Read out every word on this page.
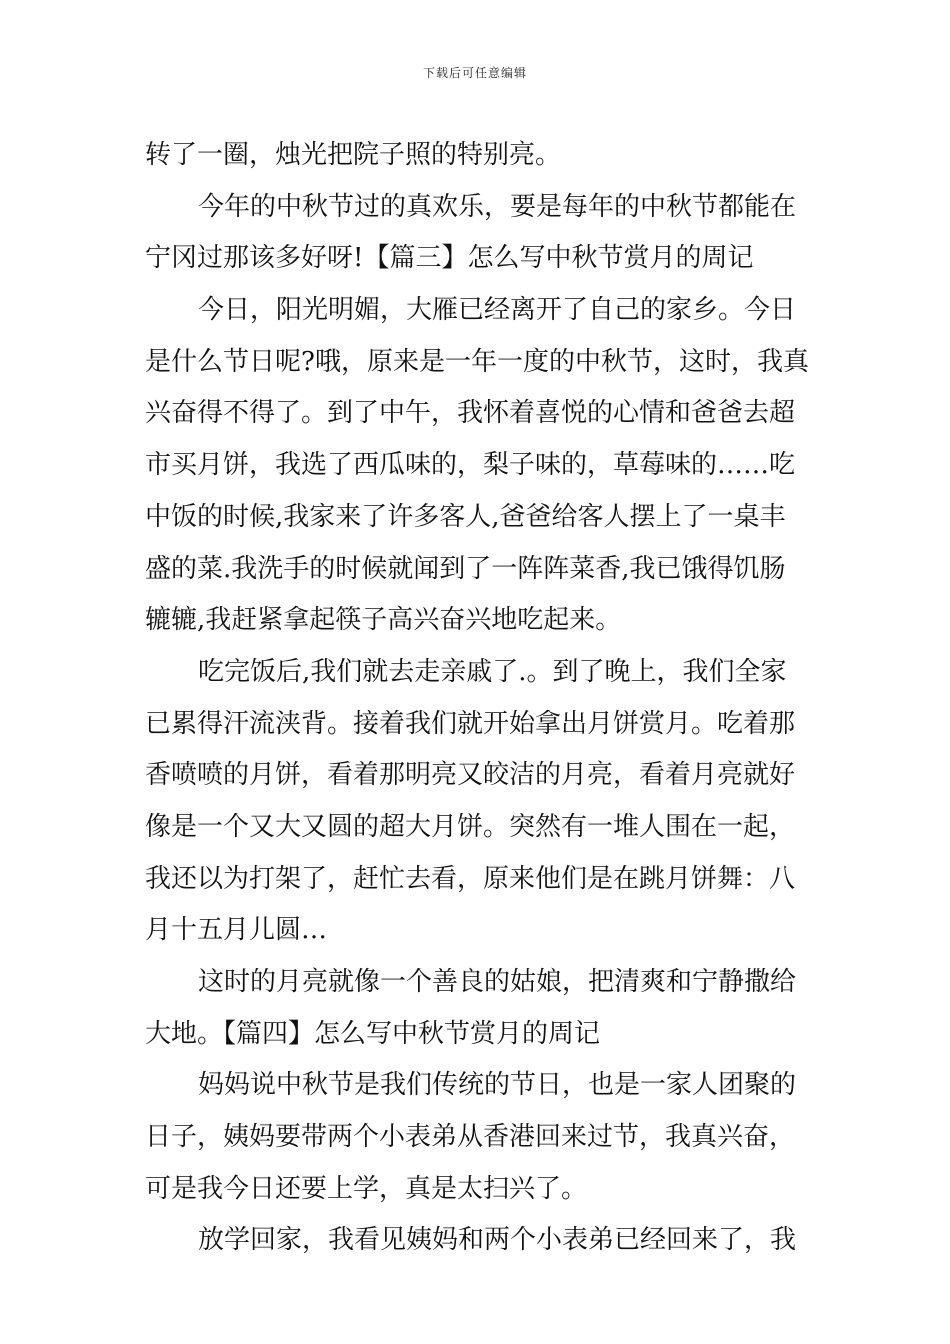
下载后可任意编辑
转了一圈，烛光把院子照的特别亮。
今年的中秋节过的真欢乐，要是每年的中秋节都能在
宁冈过那该多好呀!【篇三】怎么写中秋节赏月的周记
今日，阳光明媚，大雁已经离开了自己的家乡。今日
是什么节日呢?哦，原来是一年一度的中秋节，这时，我真
兴奋得不得了。到了中午，我怀着喜悦的心情和爸爸去超
市买月饼，我选了西瓜味的，梨子味的，草莓味的……吃
中饭的时候,我家来了许多客人,爸爸给客人摆上了一桌丰
盛的菜.我洗手的时候就闻到了一阵阵菜香,我已饿得饥肠
辘辘,我赶紧拿起筷子高兴奋兴地吃起来。
吃完饭后,我们就去走亲戚了.。到了晚上，我们全家
已累得汗流浃背。接着我们就开始拿出月饼赏月。吃着那
香喷喷的月饼，看着那明亮又皎洁的月亮，看着月亮就好
像是一个又大又圆的超大月饼。突然有一堆人围在一起，
我还以为打架了，赶忙去看，原来他们是在跳月饼舞：八
月十五月儿圆…
这时的月亮就像一个善良的姑娘，把清爽和宁静撒给
大地。【篇四】怎么写中秋节赏月的周记
妈妈说中秋节是我们传统的节日，也是一家人团聚的
日子，姨妈要带两个小表弟从香港回来过节，我真兴奋，
可是我今日还要上学，真是太扫兴了。
放学回家，我看见姨妈和两个小表弟已经回来了，我
